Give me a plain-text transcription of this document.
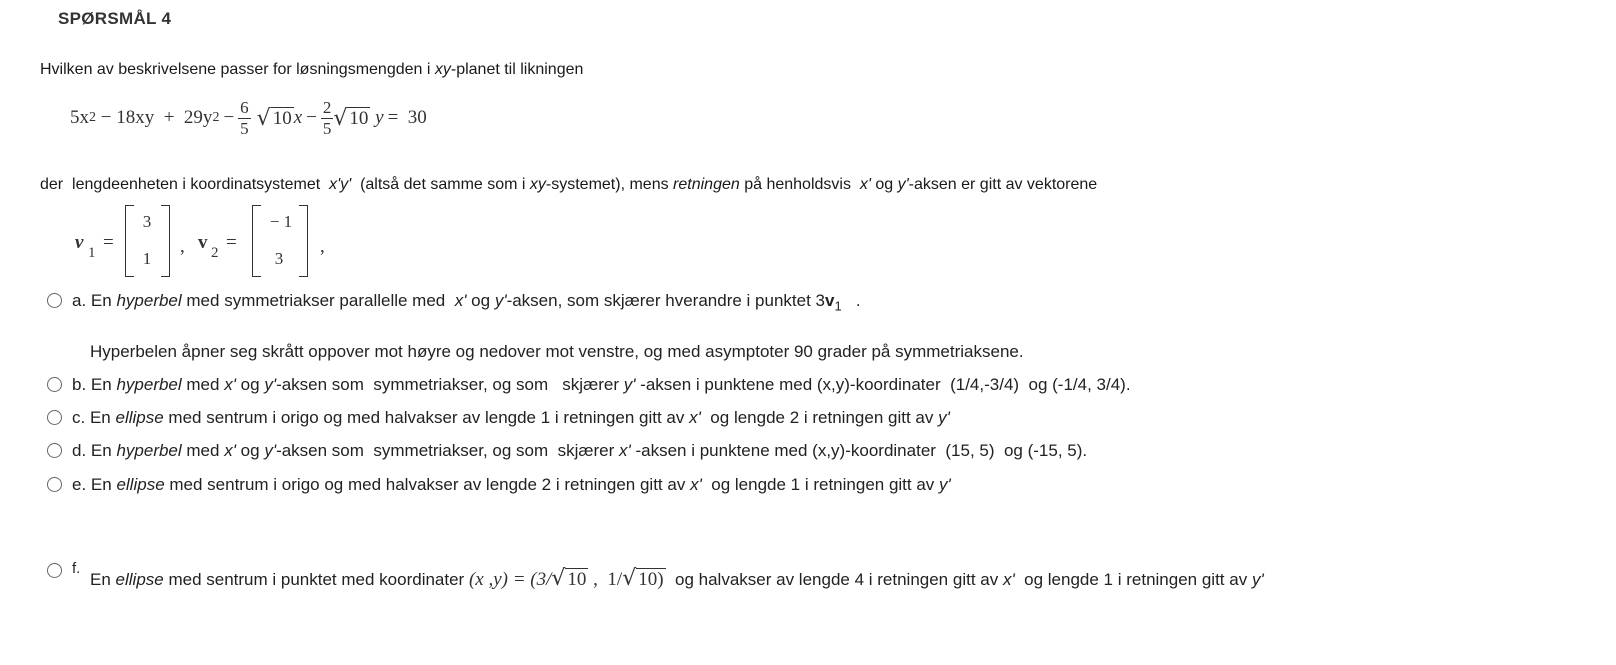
SPØRSMÅL 4
Hvilken av beskrivelsene passer for løsningsmengden i xy-planet til likningen
5x 2 − 18xy  +  29y $2 - \frac{6}{5}$ √ 10 $x - \frac{2}{5}$ √ 10 y =  30
der  lengdeenheten i koordinatsystemet  x'y'  (altså det samme som i xy-systemet), mens retningen på henholdsvis  x' og y'-aksen er gitt av vektorene
v 1 =
3
1
, v 2 =
− 1
3
,
a. En hyperbel med symmetriakser parallelle med  x' og y'-aksen, som skjærer hverandre i punktet $3v_1$   .
Hyperbelen åpner seg skrått oppover mot høyre og nedover mot venstre, og med asymptoter 90 grader på symmetriaksene.
b. En hyperbel med x' og y'-aksen som  symmetriakser, og som   skjærer y' -aksen i punktene med (x,y)-koordinater  (1/4,-3/4)  og (-1/4, 3/4).
c. En ellipse med sentrum i origo og med halvakser av lengde 1 i retningen gitt av x'  og lengde 2 i retningen gitt av y'
d. En hyperbel med x' og y'-aksen som  symmetriakser, og som  skjærer x' -aksen i punktene med (x,y)-koordinater  (15, 5)  og (-15, 5).
e. En ellipse med sentrum i origo og med halvakser av lengde 2 i retningen gitt av x'  og lengde 1 i retningen gitt av y'
f.
En
ellipse med sentrum i punktet med koordinater (x ,y) = (3/ √ 10 ,  1/ √ 10) og halvakser av lengde 4 i retningen gitt av x' og lengde 1 i retningen gitt av y'
